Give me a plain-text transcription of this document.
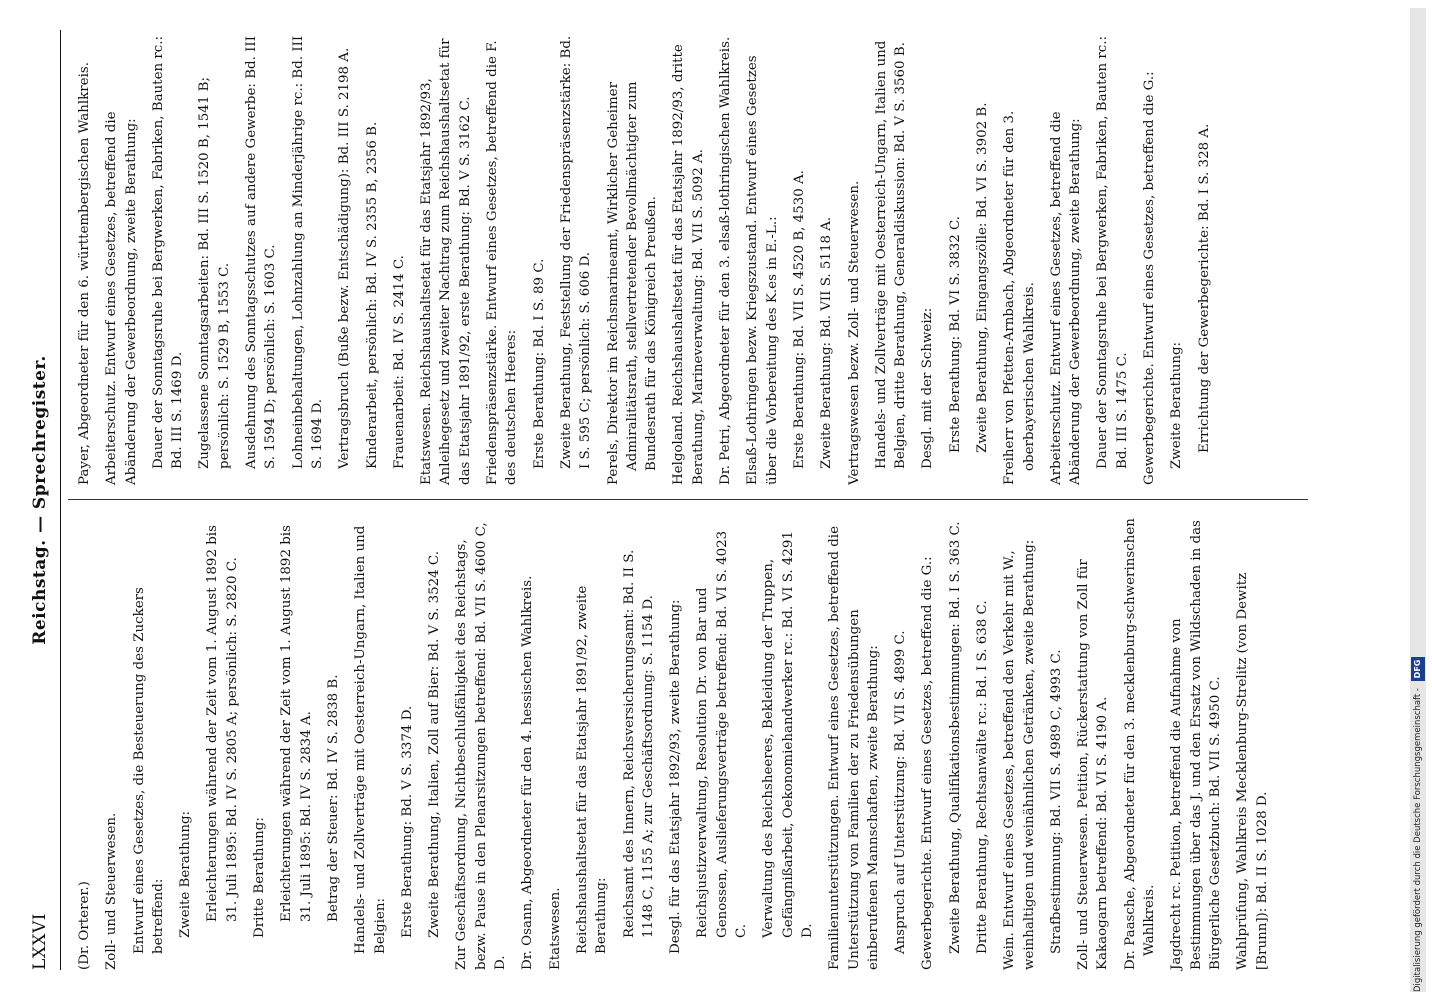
LXXVI
Reichstag. — Sprechregister.
(Dr. Orterer.) Zoll- und Steuerwesen. Entwurf eines Gesetzes, die Besteuerung des Zuckers betreffend: Zweite Berathung: Erleichterungen während der Zeit vom 1. August 1892 bis 31. Juli 1895: Bd. IV S. 2805 A; persönlich: S. 2820 C. Dritte Berathung: Erleichterungen während der Zeit vom 1. August 1892 bis 31. Juli 1895: Bd. IV S. 2834 A. Betrag der Steuer: Bd. IV S. 2838 B. Handels- und Zollverträge mit Oesterreich-Ungarn, Italien und Belgien: Erste Berathung: Bd. V S. 3374 D. Zweite Berathung, Italien, Zoll auf Bier: Bd. V S. 3524 C. Zur Geschäftsordnung, Nichtbeschlußfähigkeit des Reichstags, bezw. Pause in den Plenarsitzungen betreffend: Bd. VII S. 4600 C, D. Dr. Osann, Abgeordneter für den 4. hessischen Wahlkreis. Etatswesen. Reichshaushaltsetat für das Etatsjahr 1891/92, zweite Berathung: Reichsamt des Innern, Reichsversicherungsamt: Bd. II S. 1148 C, 1155 A; zur Geschäftsordnung: S. 1154 D. Desgl. für das Etatsjahr 1892/93, zweite Berathung: Reichsjustizverwaltung, Resolution Dr. von Bar und Genossen, Auslieferungsverträge betreffend: Bd. VI S. 4023 C. Verwaltung des Reichsheeres, Bekleidung der Truppen, Gefängnißarbeit, Oekonomiehandwerker rc.: Bd. VI S. 4291 D. Familienunterstützungen. Entwurf eines Gesetzes, betreffend die Unterstützung von Familien der zu Friedensübungen einberufenen Mannschaften, zweite Berathung: Anspruch auf Unterstützung: Bd. VII S. 4899 C. Gewerbegerichte. Entwurf eines Gesetzes, betreffend die G.: Zweite Berathung, Qualifikationsbestimmungen: Bd. I S. 363 C. Dritte Berathung, Rechtsanwälte rc.: Bd. I S. 638 C. Wein. Entwurf eines Gesetzes, betreffend den Verkehr mit W., weinhaltigen und weinähnlichen Getränken, zweite Berathung: Strafbestimmung: Bd. VII S. 4989 C, 4993 C. Zoll- und Steuerwesen. Petition, Rückerstattung von Zoll für Kakaogarn betreffend: Bd. VI S. 4190 A. Dr. Paasche, Abgeordneter für den 3. mecklenburg-schwerinschen Wahlkreis. Jagdrecht rc. Petition, betreffend die Aufnahme von Bestimmungen über das J. und den Ersatz von Wildschaden in das Bürgerliche Gesetzbuch: Bd. VII S. 4950 C. Wahlprüfung, Wahlkreis Mecklenburg-Strelitz (von Dewitz [Brunn]): Bd. II S. 1028 D.
Payer, Abgeordneter für den 6. württembergischen Wahlkreis. Arbeiterschutz. Entwurf eines Gesetzes, betreffend die Abänderung der Gewerbeordnung, zweite Berathung: Dauer der Sonntagsruhe bei Bergwerken, Fabriken, Bauten rc.: Bd. III S. 1469 D. Zugelassene Sonntagsarbeiten: Bd. III S. 1520 B, 1541 B; persönlich: S. 1529 B, 1553 C. Ausdehnung des Sonntagsschutzes auf andere Gewerbe: Bd. III S. 1594 D; persönlich: S. 1603 C. Lohneinbehaltungen, Lohnzahlung an Minderjährige rc.: Bd. III S. 1694 D. Vertragsbruch (Buße bezw. Entschädigung): Bd. III S. 2198 A. Kinderarbeit, persönlich: Bd. IV S. 2355 B, 2356 B. Frauenarbeit: Bd. IV S. 2414 C. Etatswesen. Reichshaushaltsetat für das Etatsjahr 1892/93, Anleihegesetz und zweiter Nachtrag zum Reichshaushaltsetat für das Etatsjahr 1891/92, erste Berathung: Bd. V S. 3162 C. Friedenspräsenzstärke. Entwurf eines Gesetzes, betreffend die F. des deutschen Heeres: Erste Berathung: Bd. I S. 89 C. Zweite Berathung, Feststellung der Friedenspräsenzstärke: Bd. I S. 595 C; persönlich: S. 606 D. Perels, Direktor im Reichsmarineamt, Wirklicher Geheimer Admiralitätsrath, stellvertretender Bevollmächtigter zum Bundesrath für das Königreich Preußen. Helgoland. Reichshaushaltsetat für das Etatsjahr 1892/93, dritte Berathung, Marineverwaltung: Bd. VII S. 5092 A. Dr. Petri, Abgeordneter für den 3. elsaß-lothringischen Wahlkreis. Elsaß-Lothringen bezw. Kriegszustand. Entwurf eines Gesetzes über die Vorbereitung des K.es in E.-L.: Erste Berathung: Bd. VII S. 4520 B, 4530 A. Zweite Berathung: Bd. VII S. 5118 A. Vertragswesen bezw. Zoll- und Steuerwesen. Handels- und Zollverträge mit Oesterreich-Ungarn, Italien und Belgien, dritte Berathung, Generaldiskussion: Bd. V S. 3560 B. Desgl. mit der Schweiz: Erste Berathung: Bd. VI S. 3832 C. Zweite Berathung, Eingangszölle: Bd. VI S. 3902 B. Freiherr von Pfetten-Arnbach, Abgeordneter für den 3. oberbayerischen Wahlkreis. Arbeiterschutz. Entwurf eines Gesetzes, betreffend die Abänderung der Gewerbeordnung, zweite Berathung: Dauer der Sonntagsruhe bei Bergwerken, Fabriken, Bauten rc.: Bd. III S. 1475 C. Gewerbegerichte. Entwurf eines Gesetzes, betreffend die G.: Zweite Berathung: Errichtung der Gewerbegerichte: Bd. I S. 328 A.
Digitalisierung gefördert durch die Deutsche Forschungsgemeinschaft - DFG
